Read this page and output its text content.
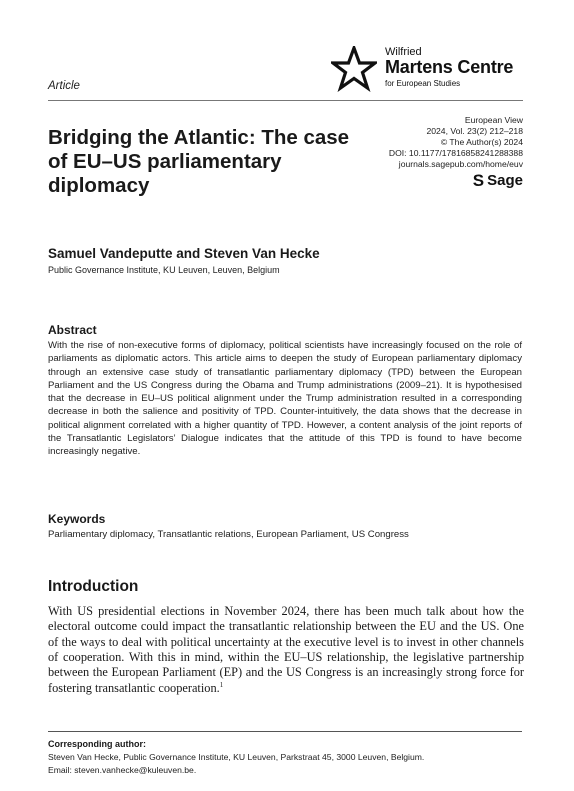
Wilfried
Martens Centre
for European Studies
Article
European View
2024, Vol. 23(2) 212–218
© The Author(s) 2024
DOI: 10.1177/17816858241288388
journals.sagepub.com/home/euv
S Sage
Bridging the Atlantic: The case of EU–US parliamentary diplomacy
Samuel Vandeputte and Steven Van Hecke
Public Governance Institute, KU Leuven, Leuven, Belgium
Abstract
With the rise of non-executive forms of diplomacy, political scientists have increasingly focused on the role of parliaments as diplomatic actors. This article aims to deepen the study of European parliamentary diplomacy through an extensive case study of transatlantic parliamentary diplomacy (TPD) between the European Parliament and the US Congress during the Obama and Trump administrations (2009–21). It is hypothesised that the decrease in EU–US political alignment under the Trump administration resulted in a corresponding decrease in both the salience and positivity of TPD. Counter-intuitively, the data shows that the decrease in political alignment correlated with a higher quantity of TPD. However, a content analysis of the joint reports of the Transatlantic Legislators’ Dialogue indicates that the attitude of this TPD is found to have become increasingly negative.
Keywords
Parliamentary diplomacy, Transatlantic relations, European Parliament, US Congress
Introduction
With US presidential elections in November 2024, there has been much talk about how the electoral outcome could impact the transatlantic relationship between the EU and the US. One of the ways to deal with political uncertainty at the executive level is to invest in other channels of cooperation. With this in mind, within the EU–US relationship, the legislative partnership between the European Parliament (EP) and the US Congress is an increasingly strong force for fostering transatlantic cooperation.$^1$
Corresponding author:
Steven Van Hecke, Public Governance Institute, KU Leuven, Parkstraat 45, 3000 Leuven, Belgium.
Email: steven.vanhecke@kuleuven.be.
